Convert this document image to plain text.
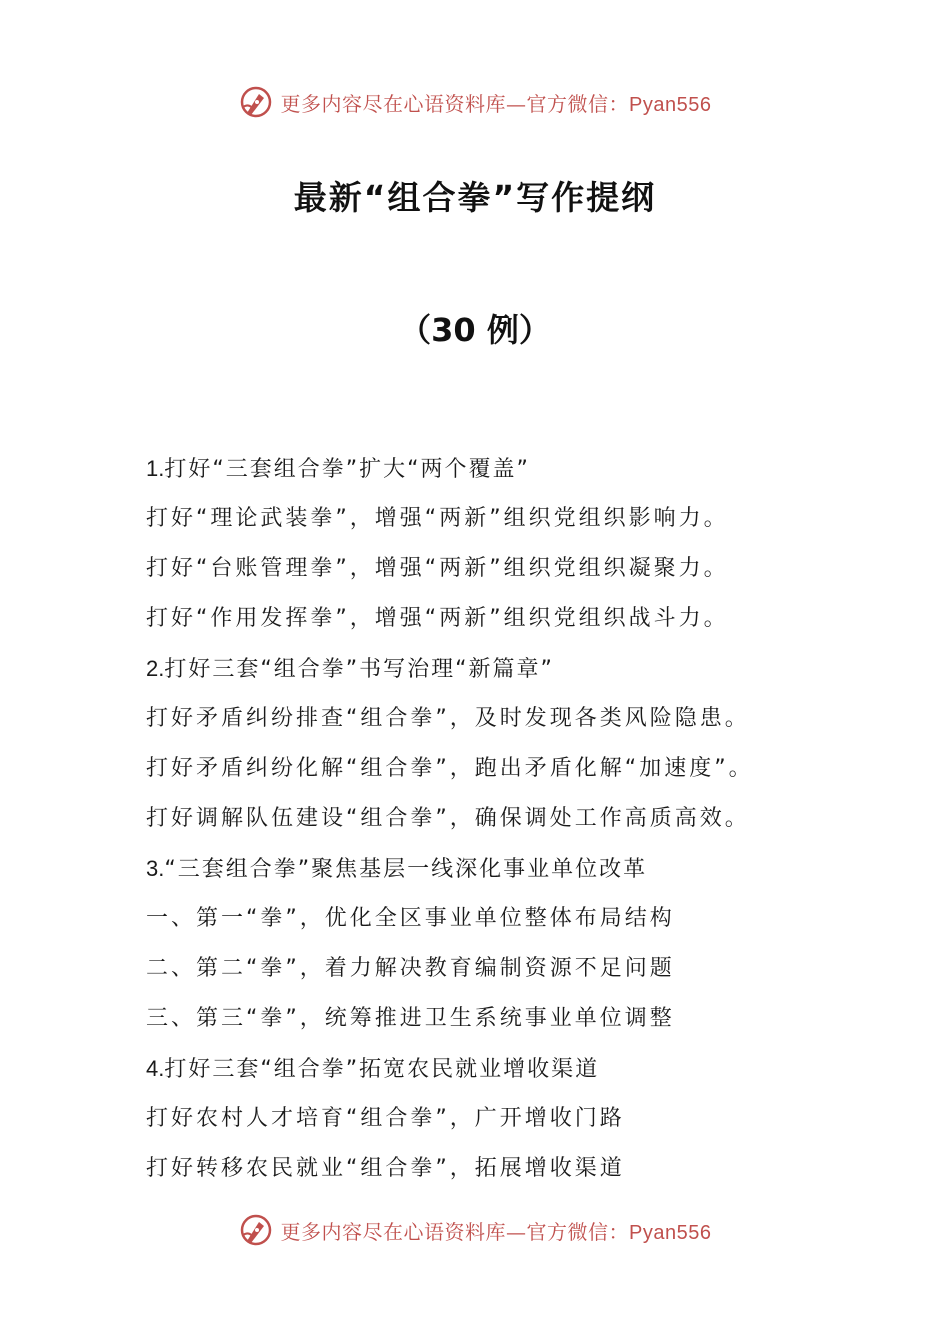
更多内容尽在心语资料库—官方微信：Pyan556
最新“组合拳”写作提纲
（30 例）
1.打好“三套组合拳”扩大“两个覆盖”
打好“理论武装拳”，增强“两新”组织党组织影响力。
打好“台账管理拳”，增强“两新”组织党组织凝聚力。
打好“作用发挥拳”，增强“两新”组织党组织战斗力。
2.打好三套“组合拳”书写治理“新篇章”
打好矛盾纠纷排查“组合拳”，及时发现各类风险隐患。
打好矛盾纠纷化解“组合拳”，跑出矛盾化解“加速度”。
打好调解队伍建设“组合拳”，确保调处工作高质高效。
3.“三套组合拳”聚焦基层一线深化事业单位改革
一、第一“拳”，优化全区事业单位整体布局结构
二、第二“拳”，着力解决教育编制资源不足问题
三、第三“拳”，统筹推进卫生系统事业单位调整
4.打好三套“组合拳”拓宽农民就业增收渠道
打好农村人才培育“组合拳”，广开增收门路
打好转移农民就业“组合拳”，拓展增收渠道
更多内容尽在心语资料库—官方微信：Pyan556
